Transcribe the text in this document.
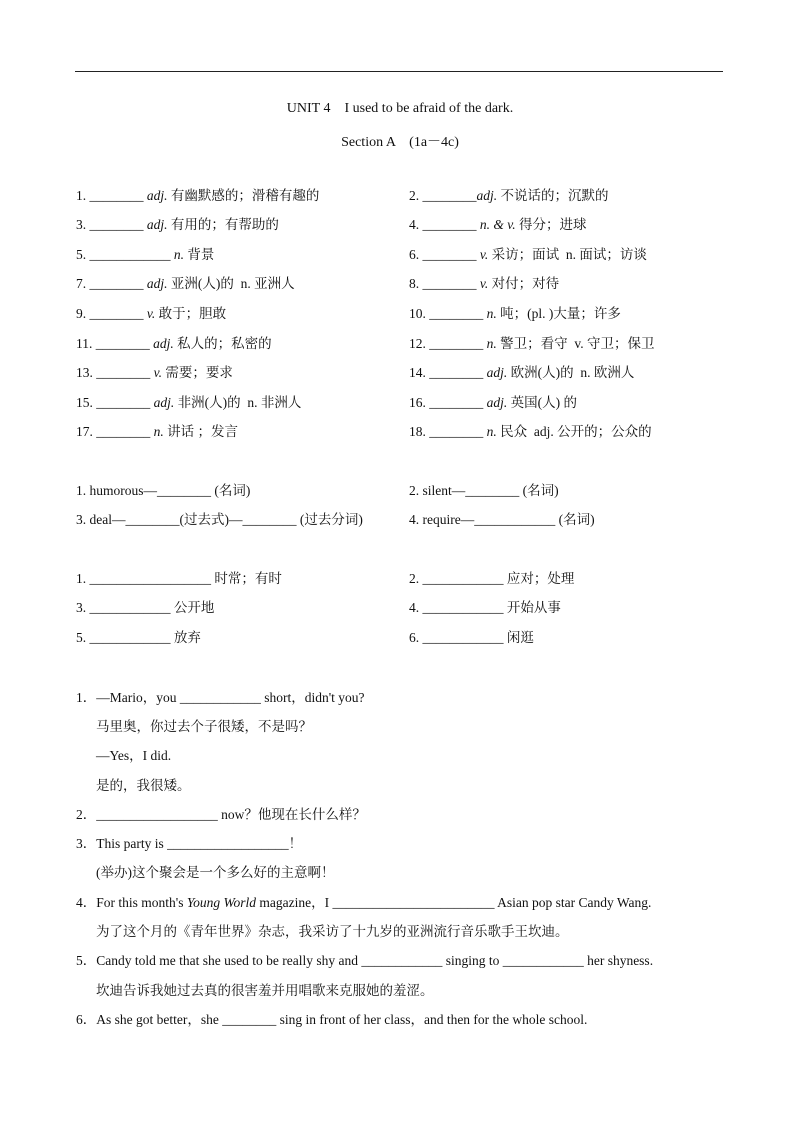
UNIT 4    I used to be afraid of the dark.
Section A    (1a－4c)
1. ________ adj. 有幽默感的；滑稽有趣的	2. ________adj. 不说话的；沉默的
3. ________ adj. 有用的；有帮助的	4. ________ n. & v. 得分；进球
5. ____________ n. 背景	6. ________ v. 采访；面试  n. 面试；访谈
7. ________ adj. 亚洲(人)的  n. 亚洲人	8. ________ v. 对付；对待
9. ________ v. 敢于；胆敢	10. ________ n. 吨；(pl. )大量；许多
11. ________ adj. 私人的；私密的	12. ________ n. 警卫；看守  v. 守卫；保卫
13. ________ v. 需要；要求	14. ________ adj. 欧洲(人)的  n. 欧洲人
15. ________ adj. 非洲(人)的  n. 非洲人	16. ________ adj. 英国(人) 的
17. ________ n. 讲话 ；发言	18. ________ n. 民众  adj. 公开的；公众的
1. humorous—________ (名词)	2. silent—________ (名词)
3. deal—________(过去式)—________ (过去分词)	4. require—____________ (名词)
1. __________________ 时常；有时	2. ____________ 应对；处理
3. ____________ 公开地	4. ____________ 开始从事
5. ____________ 放弃	6. ____________ 闲逛
1．—Mario，you ____________ short，didn't you?
马里奥，你过去个子很矮，不是吗？
—Yes，I did.
是的，我很矮。
2．__________________ now？他现在长什么样？
3．This party is __________________！
(举办)这个聚会是一个多么好的主意啊！
4．For this month's Young World magazine，I ________________________ Asian pop star Candy Wang.
为了这个月的《青年世界》杂志，我采访了十九岁的亚洲流行音乐歌手王坎迪。
5．Candy told me that she used to be really shy and ____________ singing to ____________ her shyness.
坎迪告诉我她过去真的很害羞并用唱歌来克服她的羞涩。
6．As she got better，she ________ sing in front of her class，and then for the whole school.
